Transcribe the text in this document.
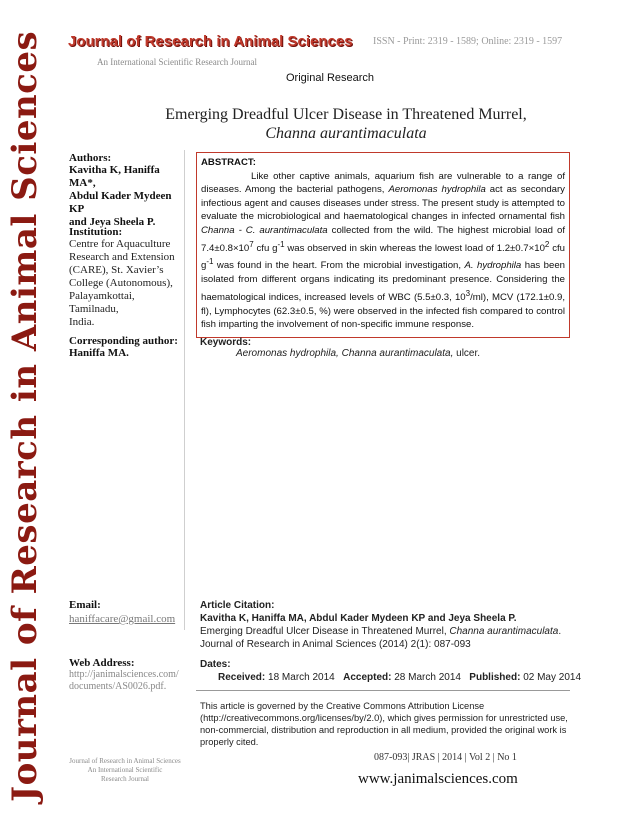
Journal of Research in Animal Sciences Journal of Research in Animal Sciences ISSN - Print: 2319 - 1589; Online: 2319 - 1597
An International Scientific Research Journal
Original Research
Emerging Dreadful Ulcer Disease in Threatened Murrel,
Channa aurantimaculata
Authors:
Kavitha K, Haniffa MA*,
Abdul Kader Mydeen KP
and Jeya Sheela P.
Institution:
Centre for Aquaculture
Research and Extension
(CARE), St. Xavier’s
College (Autonomous),
Palayamkottai, Tamilnadu,
India.
Corresponding author:
Haniffa MA.
Email:
haniffacare@gmail.com
Web Address:
http://janimalsciences.com/
documents/AS0026.pdf.
ABSTRACT:
Like other captive animals, aquarium fish are vulnerable to a range of diseases. Among the bacterial pathogens, Aeromonas hydrophila act as secondary infectious agent and causes diseases under stress. The present study is attempted to evaluate the microbiological and haematological changes in infected ornamental fish Channa - C. aurantimaculata collected from the wild. The highest microbial load of $7.4\pm 0.8\times 10^7$ cfu $g^{-1}$ was observed in skin whereas the lowest load of $1.2\pm 0.7\times 10^2$ cfu $g^{-1}$ was found in the heart. From the microbial investigation, A. hydrophila has been isolated from different organs indicating its predominant presence. Considering the haematological indices, increased levels of WBC (5.5±0.3, $10^3/ml$), MCV (172.1±0.9, fl), Lymphocytes (62.3±0.5, %) were observed in the infected fish compared to control fish imparting the involvement of non-specific immune response.
Keywords:
Aeromonas hydrophila, Channa aurantimaculata, ulcer.
Article Citation:
Kavitha K, Haniffa MA, Abdul Kader Mydeen KP and Jeya Sheela P.
Emerging Dreadful Ulcer Disease in Threatened Murrel, Channa aurantimaculata.
Journal of Research in Animal Sciences (2014) 2(1): 087-093
Dates:
Received: 18 March 2014 Accepted: 28 March 2014 Published: 02 May 2014
This article is governed by the Creative Commons Attribution License (http://creativecommons.org/licenses/by/2.0), which gives permission for unrestricted use, non-commercial, distribution and reproduction in all medium, provided the original work is properly cited.
Journal of Research in Animal Sciences
An International Scientific
Research Journal
087-093| JRAS | 2014 | Vol 2 | No 1
www.janimalsciences.com
